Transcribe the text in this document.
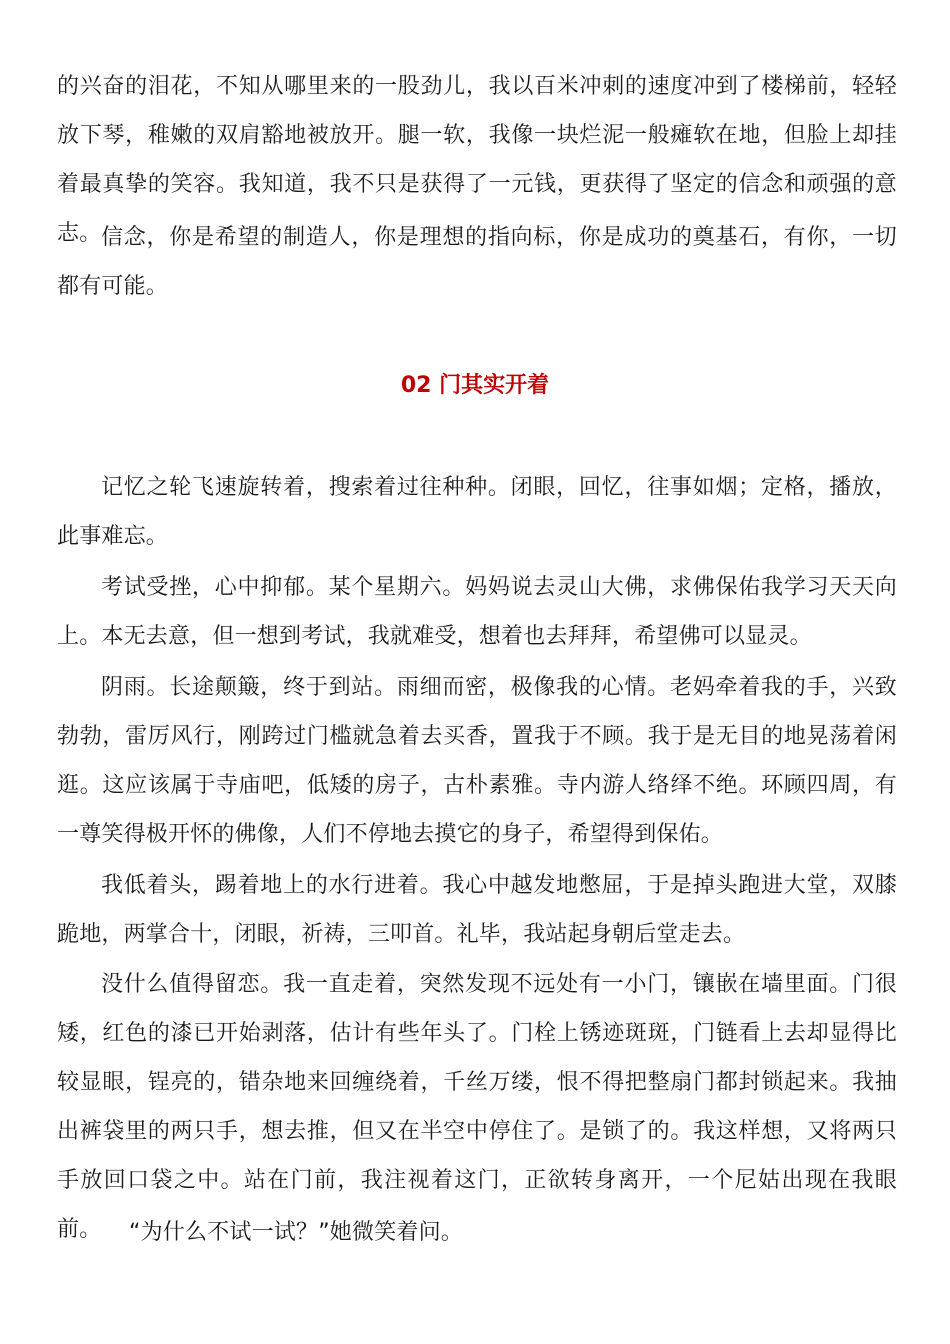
的兴奋的泪花，不知从哪里来的一股劲儿，我以百米冲刺的速度冲到了楼梯前，轻轻放下琴，稚嫩的双肩豁地被放开。腿一软，我像一块烂泥一般瘫软在地，但脸上却挂着最真挚的笑容。我知道，我不只是获得了一元钱，更获得了坚定的信念和顽强的意志。 信念，你是希望的制造人，你是理想的指向标，你是成功的奠基石，有你，一切都有可能。

02 门其实开着

记忆之轮飞速旋转着，搜索着过往种种。闭眼，回忆，往事如烟；定格，播放，此事难忘。

考试受挫，心中抑郁。某个星期六。妈妈说去灵山大佛，求佛保佑我学习天天向上。本无去意，但一想到考试，我就难受，想着也去拜拜，希望佛可以显灵。

阴雨。长途颠簸，终于到站。雨细而密，极像我的心情。老妈牵着我的手，兴致勃勃，雷厉风行，刚跨过门槛就急着去买香，置我于不顾。我于是无目的地晃荡着闲逛。这应该属于寺庙吧，低矮的房子，古朴素雅。寺内游人络绎不绝。环顾四周，有一尊笑得极开怀的佛像，人们不停地去摸它的身子，希望得到保佑。

我低着头，踢着地上的水行进着。我心中越发地憋屈，于是掉头跑进大堂，双膝跪地，两掌合十，闭眼，祈祷，三叩首。礼毕，我站起身朝后堂走去。

没什么值得留恋。我一直走着，突然发现不远处有一小门，镶嵌在墙里面。门很矮，红色的漆已开始剥落，估计有些年头了。门栓上锈迹斑斑，门链看上去却显得比较显眼，锃亮的，错杂地来回缠绕着，千丝万缕，恨不得把整扇门都封锁起来。我抽出裤袋里的两只手，想去推，但又在半空中停住了。是锁了的。我这样想，又将两只手放回口袋之中。站在门前，我注视着这门，正欲转身离开，一个尼姑出现在我眼前。	“为什么不试一试？”她微笑着问。
